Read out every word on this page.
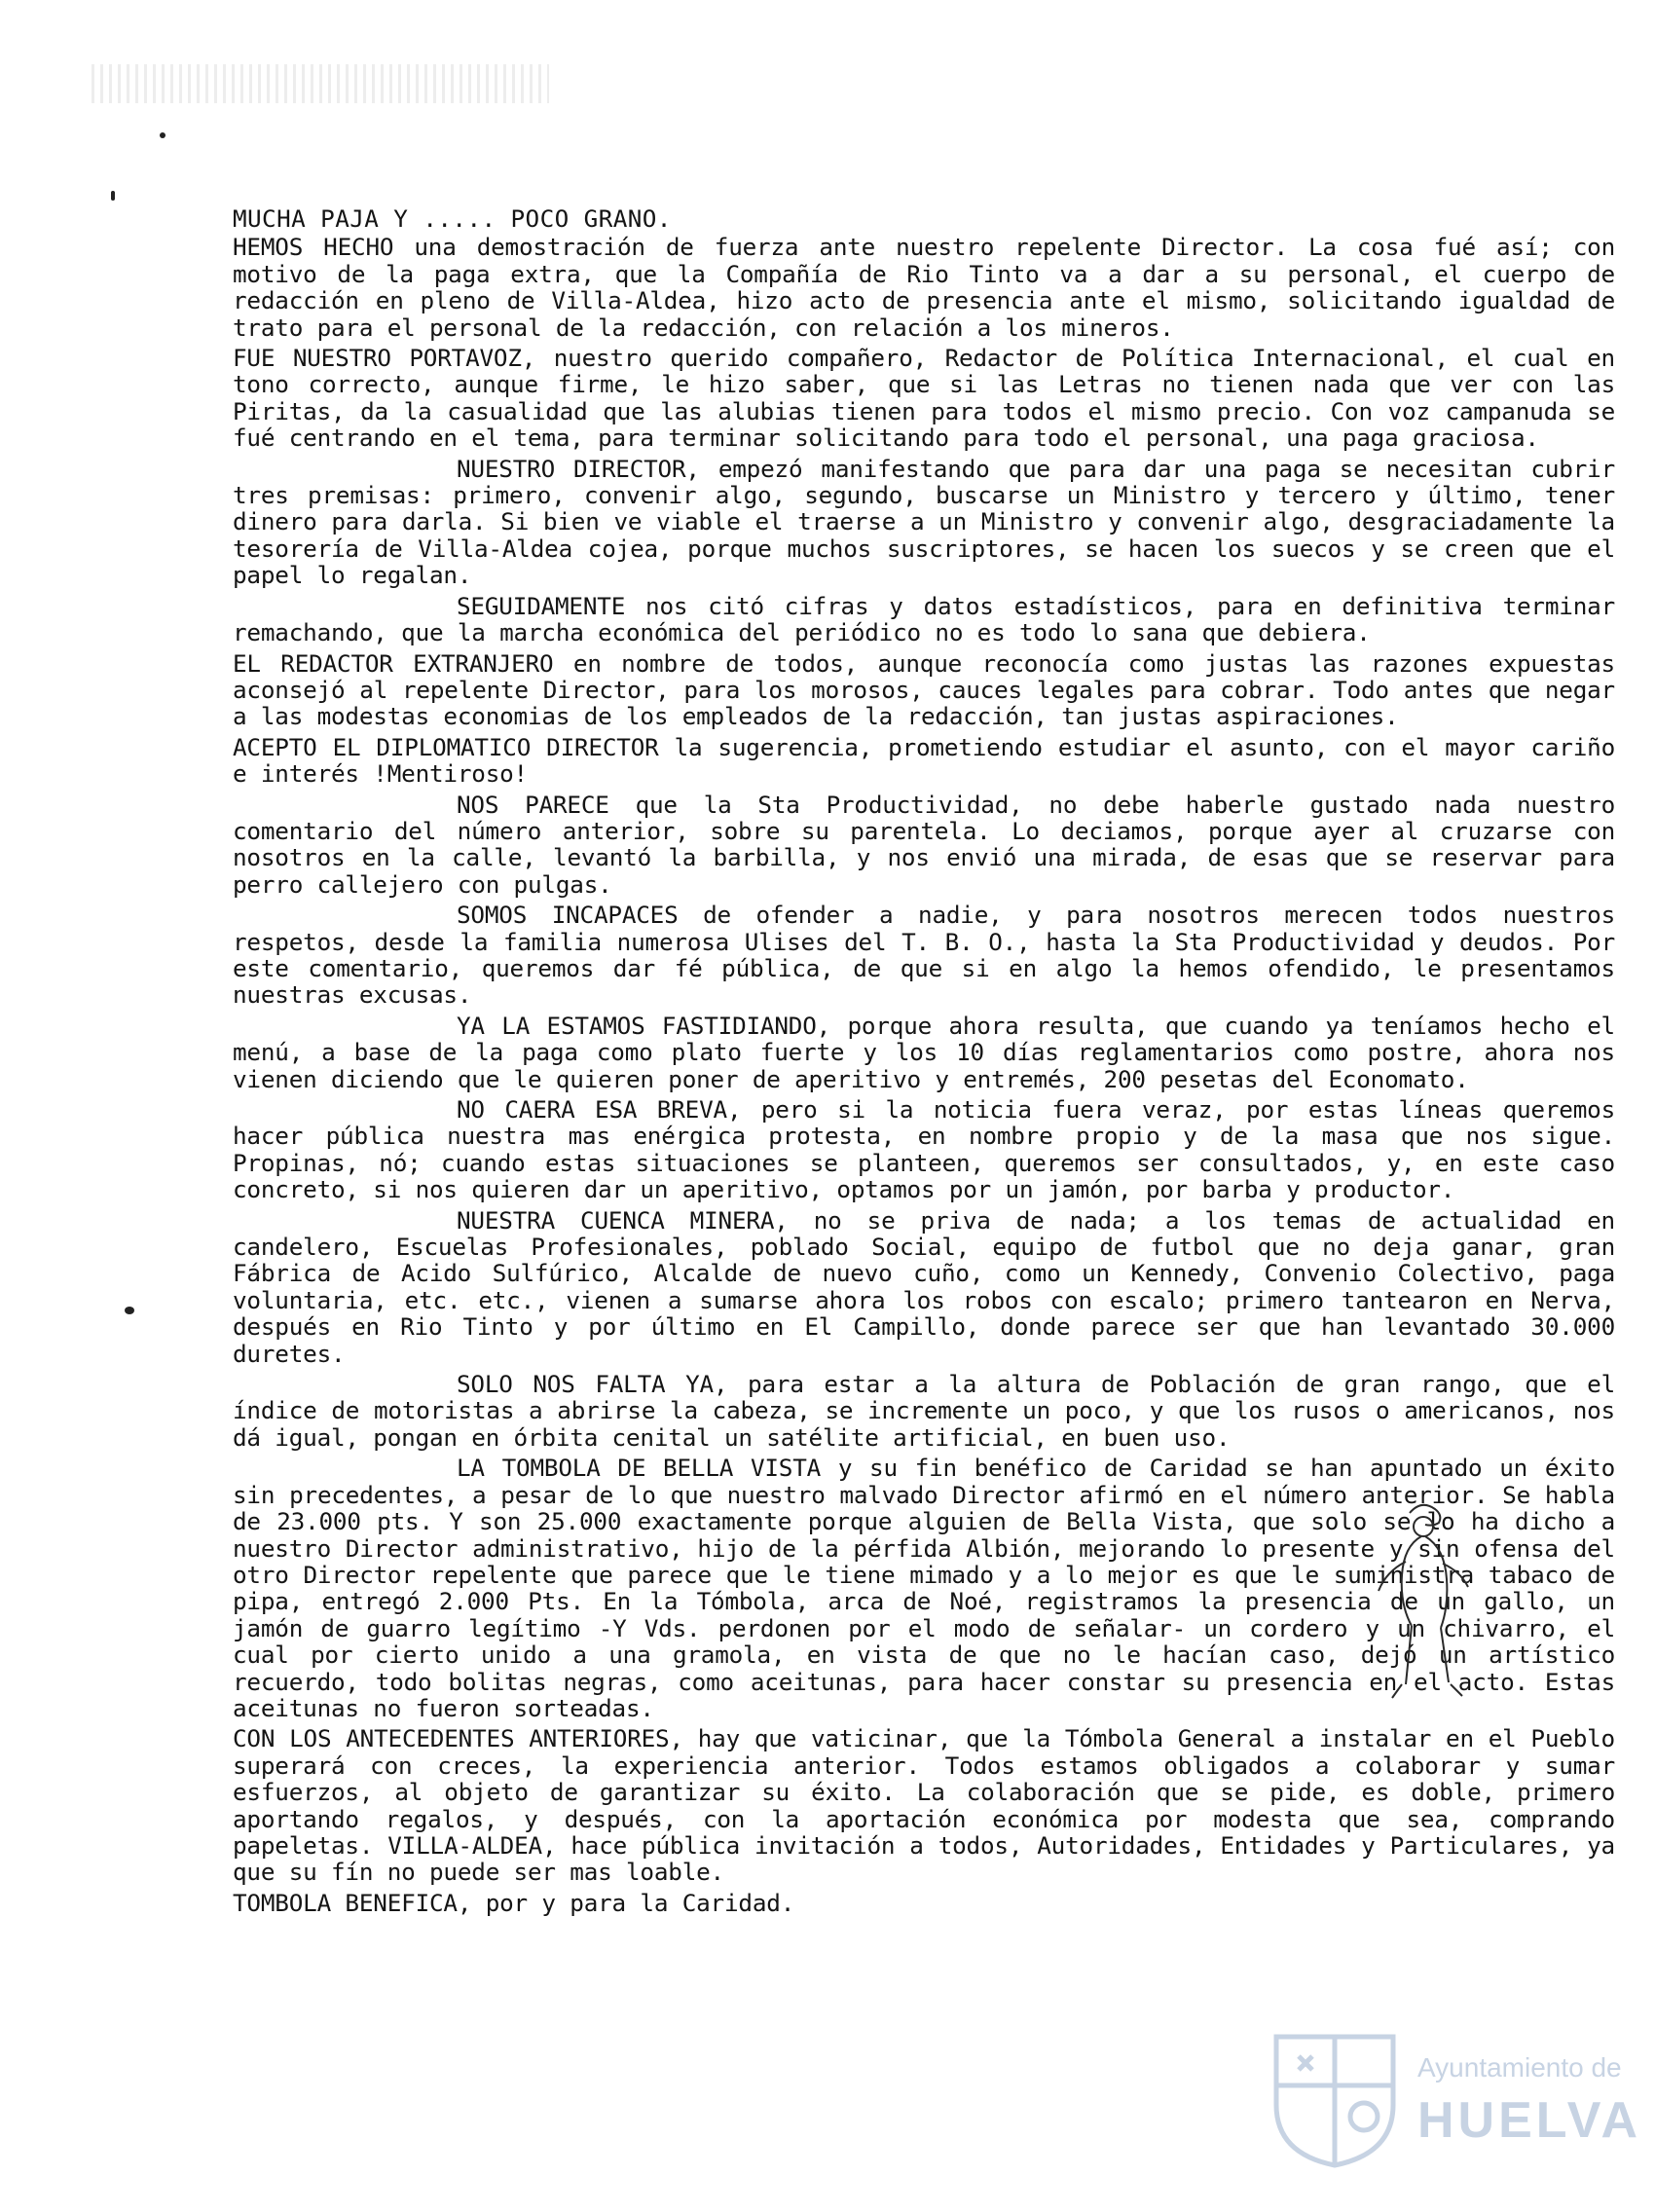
MUCHA PAJA Y ..... POCO GRANO.

HEMOS HECHO una demostración de fuerza ante nuestro repelente Director. La cosa fué así; con motivo de la paga extra, que la Compañía de Rio Tinto va a dar a su personal, el cuerpo de redacción en pleno de Villa-Aldea, hizo acto de presencia ante el mismo, solicitando igualdad de trato para el personal de la redacción, con relación a los mineros.

FUE NUESTRO PORTAVOZ, nuestro querido compañero, Redactor de Política Internacional, el cual en tono correcto, aunque firme, le hizo saber, que si las Letras no tienen nada que ver con las Piritas, da la casualidad que las alubias tienen para todos el mismo precio. Con voz campanuda se fué centrando en el tema, para terminar solicitando para todo el personal, una paga graciosa.

NUESTRO DIRECTOR, empezó manifestando que para dar una paga se necesitan cubrir tres premisas: primero, convenir algo, segundo, buscarse un Ministro y tercero y último, tener dinero para darla. Si bien ve viable el traerse a un Ministro y convenir algo, desgraciadamente la tesorería de Villa-Aldea cojea, porque muchos suscriptores, se hacen los suecos y se creen que el papel lo regalan.

SEGUIDAMENTE nos citó cifras y datos estadísticos, para en definitiva terminar remachando, que la marcha económica del periódico no es todo lo sana que debiera.

EL REDACTOR EXTRANJERO en nombre de todos, aunque reconocía como justas las razones expuestas aconsejó al repelente Director, para los morosos, cauces legales para cobrar. Todo antes que negar a las modestas economias de los empleados de la redacción, tan justas aspiraciones.

ACEPTO EL DIPLOMATICO DIRECTOR la sugerencia, prometiendo estudiar el asunto, con el mayor cariño e interés !Mentiroso!

NOS PARECE que la Sta Productividad, no debe haberle gustado nada nuestro comentario del número anterior, sobre su parentela. Lo deciamos, porque ayer al cruzarse con nosotros en la calle, levantó la barbilla, y nos envió una mirada, de esas que se reservar para perro callejero con pulgas.

SOMOS INCAPACES de ofender a nadie, y para nosotros merecen todos nuestros respetos, desde la familia numerosa Ulises del T. B. O., hasta la Sta Productividad y deudos. Por este comentario, queremos dar fé pública, de que si en algo la hemos ofendido, le presentamos nuestras excusas.

YA LA ESTAMOS FASTIDIANDO, porque ahora resulta, que cuando ya teníamos hecho el menú, a base de la paga como plato fuerte y los 10 días reglamentarios como postre, ahora nos vienen diciendo que le quieren poner de aperitivo y entremés, 200 pesetas del Economato.

NO CAERA ESA BREVA, pero si la noticia fuera veraz, por estas líneas queremos hacer pública nuestra mas enérgica protesta, en nombre propio y de la masa que nos sigue. Propinas, nó; cuando estas situaciones se planteen, queremos ser consultados, y, en este caso concreto, si nos quieren dar un aperitivo, optamos por un jamón, por barba y productor.

NUESTRA CUENCA MINERA, no se priva de nada; a los temas de actualidad en candelero, Escuelas Profesionales, poblado Social, equipo de futbol que no deja ganar, gran Fábrica de Acido Sulfúrico, Alcalde de nuevo cuño, como un Kennedy, Convenio Colectivo, paga voluntaria, etc. etc., vienen a sumarse ahora los robos con escalo; primero tantearon en Nerva, después en Rio Tinto y por último en El Campillo, donde parece ser que han levantado 30.000 duretes.

SOLO NOS FALTA YA, para estar a la altura de Población de gran rango, que el índice de motoristas a abrirse la cabeza, se incremente un poco, y que los rusos o americanos, nos dá igual, pongan en órbita cenital un satélite artificial, en buen uso.

LA TOMBOLA DE BELLA VISTA y su fin benéfico de Caridad se han apuntado un éxito sin precedentes, a pesar de lo que nuestro malvado Director afirmó en el número anterior. Se habla de 23.000 pts. Y son 25.000 exactamente porque alguien de Bella Vista, que solo se lo ha dicho a nuestro Director administrativo, hijo de la pérfida Albión, mejorando lo presente y sin ofensa del otro Director repelente que parece que le tiene mimado y a lo mejor es que le suministra tabaco de pipa, entregó 2.000 Pts. En la Tómbola, arca de Noé, registramos la presencia de un gallo, un jamón de guarro legítimo -Y Vds. perdonen por el modo de señalar- un cordero y un chivarro, el cual por cierto unido a una gramola, en vista de que no le hacían caso, dejó un artístico recuerdo, todo bolitas negras, como aceitunas, para hacer constar su presencia en el acto. Estas aceitunas no fueron sorteadas.

CON LOS ANTECEDENTES ANTERIORES, hay que vaticinar, que la Tómbola General a instalar en el Pueblo superará con creces, la experiencia anterior. Todos estamos obligados a colaborar y sumar esfuerzos, al objeto de garantizar su éxito. La colaboración que se pide, es doble, primero aportando regalos, y después, con la aportación económica por modesta que sea, comprando papeletas. VILLA-ALDEA, hace pública invitación a todos, Autoridades, Entidades y Particulares, ya que su fín no puede ser mas loable.

TOMBOLA BENEFICA, por y para la Caridad.

Ayuntamiento de
HUELVA
